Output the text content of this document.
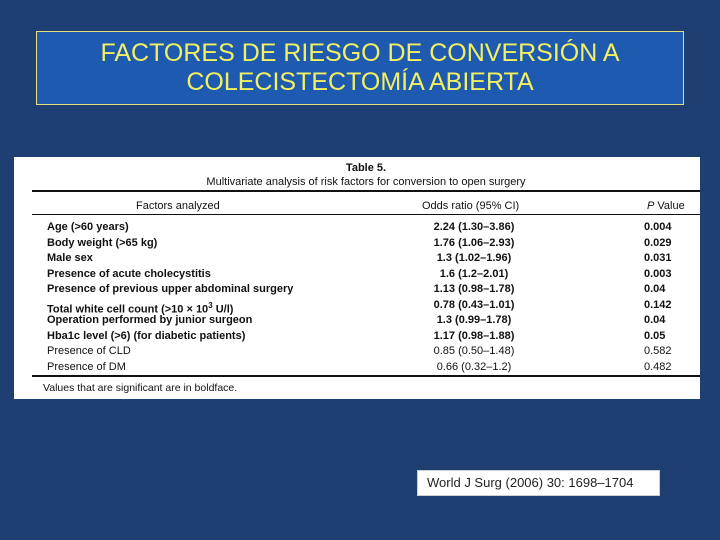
FACTORES DE RIESGO DE CONVERSIÓN A
COLECISTECTOMÍA ABIERTA
Table 5.
Multivariate analysis of risk factors for conversion to open surgery
Factors analyzed	Odds ratio (95% CI)	P Value
Age (>60 years)	2.24 (1.30–3.86)	0.004
Body weight (>65 kg)	1.76 (1.06–2.93)	0.029
Male sex	1.3 (1.02–1.96)	0.031
Presence of acute cholecystitis	1.6 (1.2–2.01)	0.003
Presence of previous upper abdominal surgery	1.13 (0.98–1.78)	0.04
Total white cell count ($>10 \times 10^3$ U/l)	0.78 (0.43–1.01)	0.142
Operation performed by junior surgeon	1.3 (0.99–1.78)	0.04
Hba1c level (>6) (for diabetic patients)	1.17 (0.98–1.88)	0.05
Presence of CLD	0.85 (0.50–1.48)	0.582
Presence of DM	0.66 (0.32–1.2)	0.482
Values that are significant are in boldface.
World J Surg (2006) 30: 1698–1704
